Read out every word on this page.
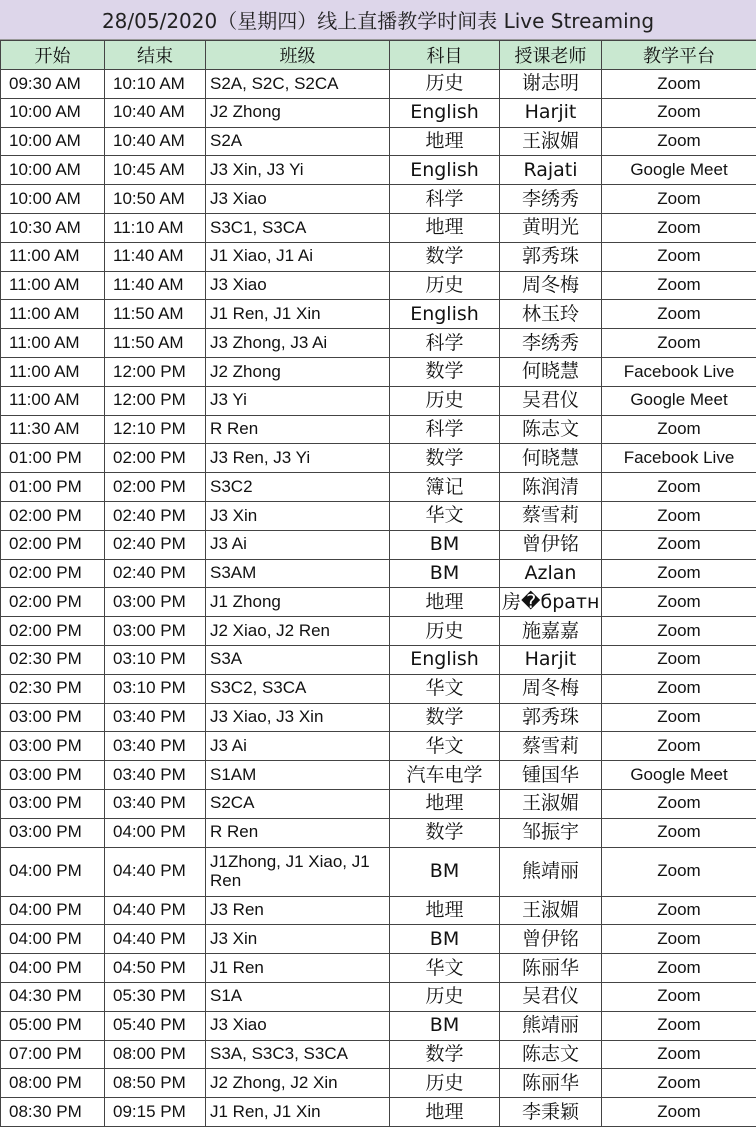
28/05/2020（星期四）线上直播教学时间表 Live Streaming
开始	结束	班级	科目	授课老师	教学平台
09:30 AM	10:10 AM	S2A, S2C, S2CA	历史	谢志明	Zoom
10:00 AM	10:40 AM	J2 Zhong	English	Harjit	Zoom
10:00 AM	10:40 AM	S2A	地理	王淑媚	Zoom
10:00 AM	10:45 AM	J3 Xin, J3 Yi	English	Rajati	Google Meet
10:00 AM	10:50 AM	J3 Xiao	科学	李绣秀	Zoom
10:30 AM	11:10 AM	S3C1, S3CA	地理	黄明光	Zoom
11:00 AM	11:40 AM	J1 Xiao, J1 Ai	数学	郭秀珠	Zoom
11:00 AM	11:40 AM	J3 Xiao	历史	周冬梅	Zoom
11:00 AM	11:50 AM	J1 Ren, J1 Xin	English	林玉玲	Zoom
11:00 AM	11:50 AM	J3 Zhong, J3 Ai	科学	李绣秀	Zoom
11:00 AM	12:00 PM	J2 Zhong	数学	何晓慧	Facebook Live
11:00 AM	12:00 PM	J3 Yi	历史	吴君仪	Google Meet
11:30 AM	12:10 PM	R Ren	科学	陈志文	Zoom
01:00 PM	02:00 PM	J3 Ren, J3 Yi	数学	何晓慧	Facebook Live
01:00 PM	02:00 PM	S3C2	簿记	陈润清	Zoom
02:00 PM	02:40 PM	J3 Xin	华文	蔡雪莉	Zoom
02:00 PM	02:40 PM	J3 Ai	BM	曾伊铭	Zoom
02:00 PM	02:40 PM	S3AM	BM	Azlan	Zoom
02:00 PM	03:00 PM	J1 Zhong	地理	房�братн	Zoom
02:00 PM	03:00 PM	J2 Xiao, J2 Ren	历史	施嘉嘉	Zoom
02:30 PM	03:10 PM	S3A	English	Harjit	Zoom
02:30 PM	03:10 PM	S3C2, S3CA	华文	周冬梅	Zoom
03:00 PM	03:40 PM	J3 Xiao, J3 Xin	数学	郭秀珠	Zoom
03:00 PM	03:40 PM	J3 Ai	华文	蔡雪莉	Zoom
03:00 PM	03:40 PM	S1AM	汽车电学	锺国华	Google Meet
03:00 PM	03:40 PM	S2CA	地理	王淑媚	Zoom
03:00 PM	04:00 PM	R Ren	数学	邹振宇	Zoom
04:00 PM	04:40 PM	J1Zhong, J1 Xiao, J1 Ren	BM	熊靖丽	Zoom
04:00 PM	04:40 PM	J3 Ren	地理	王淑媚	Zoom
04:00 PM	04:40 PM	J3 Xin	BM	曾伊铭	Zoom
04:00 PM	04:50 PM	J1 Ren	华文	陈丽华	Zoom
04:30 PM	05:30 PM	S1A	历史	吴君仪	Zoom
05:00 PM	05:40 PM	J3 Xiao	BM	熊靖丽	Zoom
07:00 PM	08:00 PM	S3A, S3C3, S3CA	数学	陈志文	Zoom
08:00 PM	08:50 PM	J2 Zhong, J2 Xin	历史	陈丽华	Zoom
08:30 PM	09:15 PM	J1 Ren, J1 Xin	地理	李秉颖	Zoom
